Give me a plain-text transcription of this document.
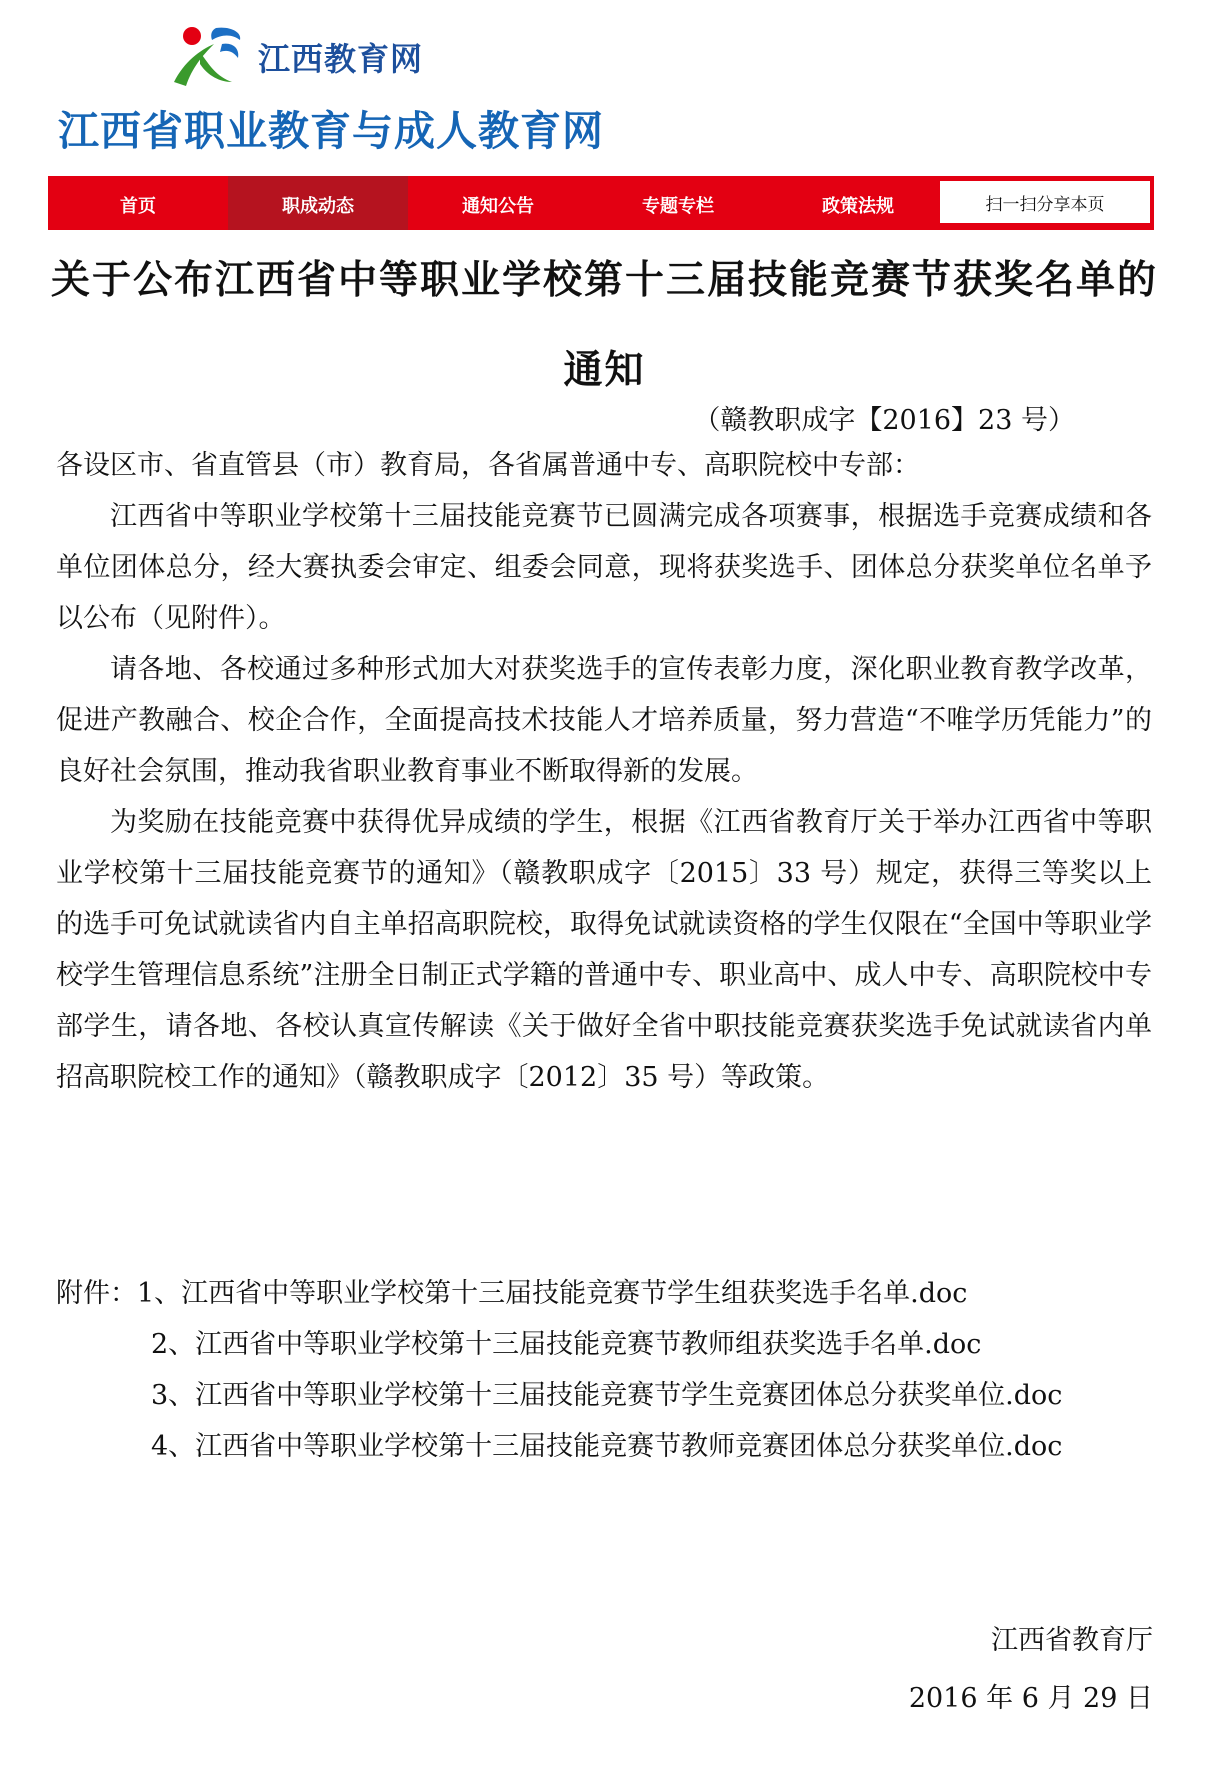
江西教育网
江西省职业教育与成人教育网
首页	职成动态	通知公告	专题专栏	政策法规	扫一扫分享本页
关于公布江西省中等职业学校第十三届技能竞赛节获奖名单的通知
（赣教职成字【2016】23 号）

各设区市、省直管县（市）教育局，各省属普通中专、高职院校中专部：

江西省中等职业学校第十三届技能竞赛节已圆满完成各项赛事，根据选手竞赛成绩和各单位团体总分，经大赛执委会审定、组委会同意，现将获奖选手、团体总分获奖单位名单予以公布（见附件）。

请各地、各校通过多种形式加大对获奖选手的宣传表彰力度，深化职业教育教学改革，促进产教融合、校企合作，全面提高技术技能人才培养质量，努力营造“不唯学历凭能力”的良好社会氛围，推动我省职业教育事业不断取得新的发展。

为奖励在技能竞赛中获得优异成绩的学生，根据《江西省教育厅关于举办江西省中等职业学校第十三届技能竞赛节的通知》（赣教职成字〔2015〕33 号）规定，获得三等奖以上的选手可免试就读省内自主单招高职院校，取得免试就读资格的学生仅限在“全国中等职业学校学生管理信息系统”注册全日制正式学籍的普通中专、职业高中、成人中专、高职院校中专部学生，请各地、各校认真宣传解读《关于做好全省中职技能竞赛获奖选手免试就读省内单招高职院校工作的通知》（赣教职成字〔2012〕35 号）等政策。

附件：1、江西省中等职业学校第十三届技能竞赛节学生组获奖选手名单.doc

2、江西省中等职业学校第十三届技能竞赛节教师组获奖选手名单.doc

3、江西省中等职业学校第十三届技能竞赛节学生竞赛团体总分获奖单位.doc

4、江西省中等职业学校第十三届技能竞赛节教师竞赛团体总分获奖单位.doc

江西省教育厅
2016 年 6 月 29 日
